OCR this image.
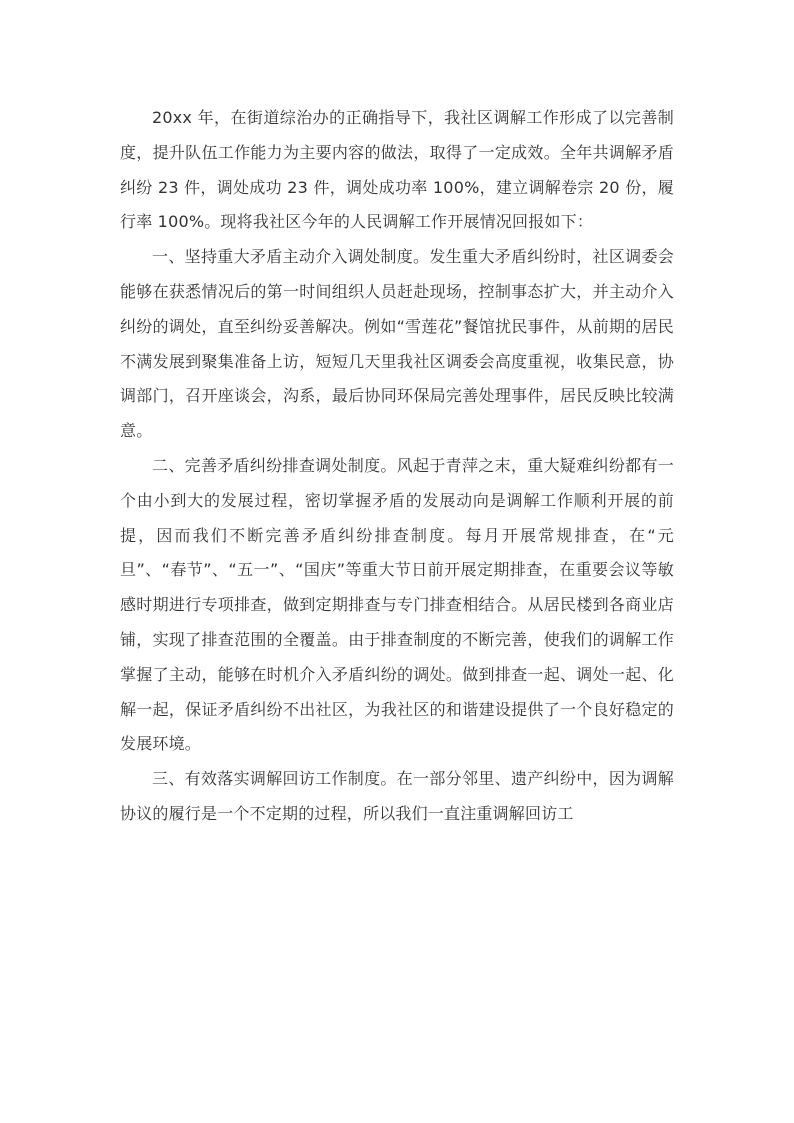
20xx 年，在街道综治办的正确指导下，我社区调解工作形成了以完善制度，提升队伍工作能力为主要内容的做法，取得了一定成效。全年共调解矛盾纠纷 23 件，调处成功 23 件，调处成功率 100%，建立调解卷宗 20 份，履行率 100%。现将我社区今年的人民调解工作开展情况回报如下：

一、坚持重大矛盾主动介入调处制度。发生重大矛盾纠纷时，社区调委会能够在获悉情况后的第一时间组织人员赶赴现场，控制事态扩大，并主动介入纠纷的调处，直至纠纷妥善解决。例如“雪莲花”餐馆扰民事件，从前期的居民不满发展到聚集准备上访，短短几天里我社区调委会高度重视，收集民意，协调部门，召开座谈会，沟系，最后协同环保局完善处理事件，居民反映比较满意。

二、完善矛盾纠纷排查调处制度。风起于青萍之末，重大疑难纠纷都有一个由小到大的发展过程，密切掌握矛盾的发展动向是调解工作顺利开展的前提，因而我们不断完善矛盾纠纷排查制度。每月开展常规排查，在“元旦”、“春节”、“五一”、“国庆”等重大节日前开展定期排查，在重要会议等敏感时期进行专项排查，做到定期排查与专门排查相结合。从居民楼到各商业店铺，实现了排查范围的全覆盖。由于排查制度的不断完善，使我们的调解工作掌握了主动，能够在时机介入矛盾纠纷的调处。做到排查一起、调处一起、化解一起，保证矛盾纠纷不出社区，为我社区的和谐建设提供了一个良好稳定的发展环境。

三、有效落实调解回访工作制度。在一部分邻里、遗产纠纷中，因为调解协议的履行是一个不定期的过程，所以我们一直注重调解回访工
